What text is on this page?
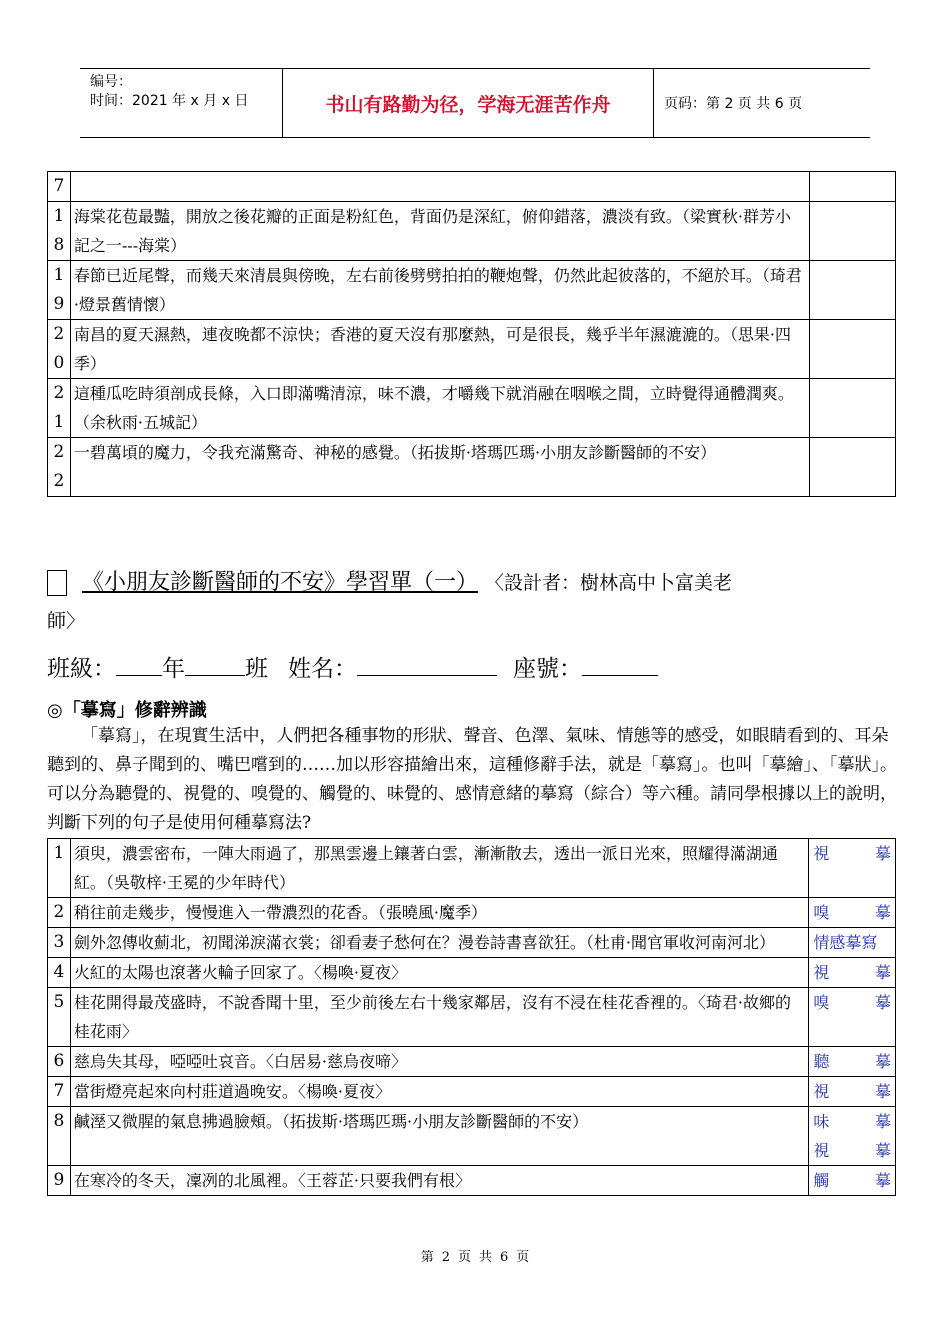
编号：
时间：2021 年 x 月 x 日	书山有路勤为径，学海无涯苦作舟	页码：第 2 页 共 6 页
7		

1
8	海棠花苞最豔，開放之後花瓣的正面是粉紅色，背面仍是深紅，俯仰錯落，濃淡有致。（梁實秋·群芳小記之一---海棠）	

1
9	春節已近尾聲，而幾天來清晨與傍晚，左右前後劈劈拍拍的鞭炮聲，仍然此起彼落的，不絕於耳。（琦君·燈景舊情懷）	

2
0	南昌的夏天濕熱，連夜晚都不涼快；香港的夏天沒有那麼熱，可是很長，幾乎半年濕漉漉的。（思果·四季）	

2
1	這種瓜吃時須剖成長條，入口即滿嘴清涼，味不濃，才嚼幾下就消融在咽喉之間，立時覺得通體潤爽。（余秋雨·五城記）	

2
2	一碧萬頃的魔力，令我充滿驚奇、神秘的感覺。（拓拔斯·塔瑪匹瑪·小朋友診斷醫師的不安）	
《小朋友診斷醫師的不安》學習單（一） 〈設計者：樹林高中卜富美老
師〉
班級： 年	班 姓名：	座號：
◎「摹寫」修辭辨識
「摹寫」，在現實生活中，人們把各種事物的形狀、聲音、色澤、氣味、情態等的感受，如眼睛看到的、耳朵聽到的、鼻子聞到的、嘴巴嚐到的……加以形容描繪出來，這種修辭手法，就是「摹寫」。也叫「摹繪」、「摹狀」。可以分為聽覺的、視覺的、嗅覺的、觸覺的、味覺的、感情意緒的摹寫（綜合）等六種。請同學根據以上的說明，判斷下列的句子是使用何種摹寫法?
1	須臾，濃雲密布，一陣大雨過了，那黑雲邊上鑲著白雲，漸漸散去，透出一派日光來，照耀得滿湖通紅。（吳敬梓·王冕的少年時代）	視 摹

2	稍往前走幾步，慢慢進入一帶濃烈的花香。（張曉風·魔季）	嗅 摹

3	劍外忽傳收薊北，初聞涕淚滿衣裳；卻看妻子愁何在？漫卷詩書喜欲狂。（杜甫·聞官軍收河南河北）	情感摹寫

4	火紅的太陽也滾著火輪子回家了。〈楊喚·夏夜〉	視 摹

5	桂花開得最茂盛時，不說香聞十里，至少前後左右十幾家鄰居，沒有不浸在桂花香裡的。〈琦君·故鄉的桂花雨〉	嗅 摹

6	慈烏失其母，啞啞吐哀音。〈白居易·慈烏夜啼〉	聽 摹

7	當街燈亮起來向村莊道過晚安。〈楊喚·夏夜〉	視 摹

8	鹹溼又微腥的氣息拂過臉頰。（拓拔斯·塔瑪匹瑪·小朋友診斷醫師的不安）	味 摹
視 摹

9	在寒冷的冬天，凜冽的北風裡。〈王蓉芷·只要我們有根〉	觸 摹
第 2 页 共 6 页
